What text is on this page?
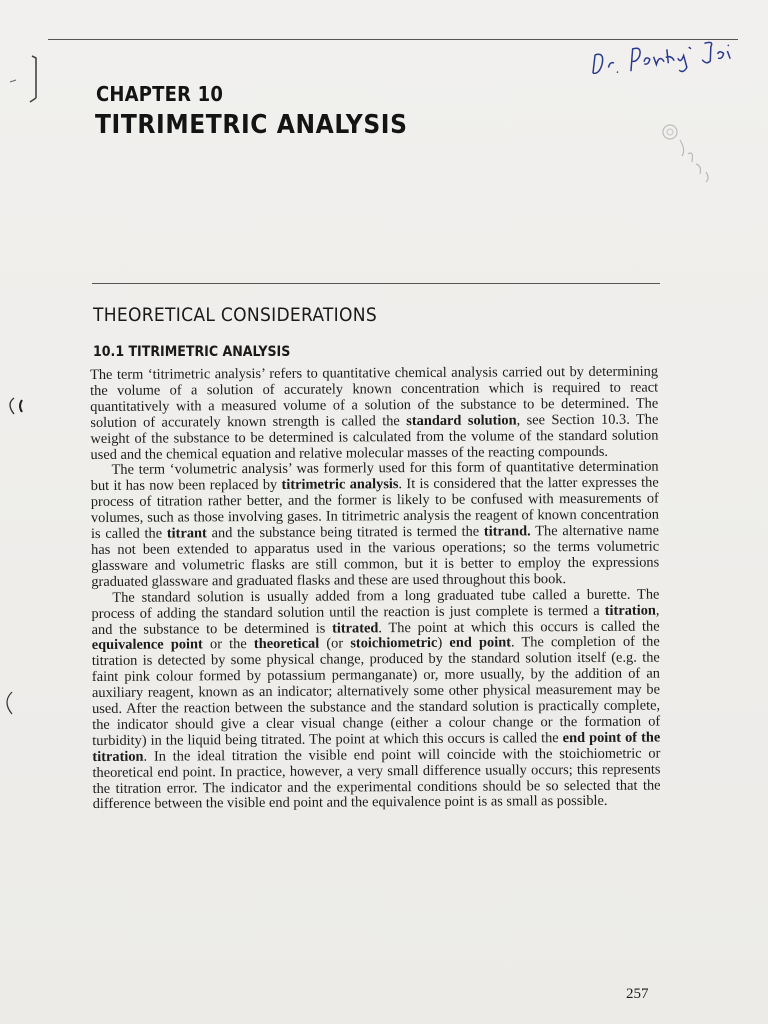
CHAPTER 10
TITRIMETRIC ANALYSIS
THEORETICAL CONSIDERATIONS
10.1 TITRIMETRIC ANALYSIS

The term ‘titrimetric analysis’ refers to quantitative chemical analysis carried out by determining the volume of a solution of accurately known concentration which is required to react quantitatively with a measured volume of a solution of the substance to be determined. The solution of accurately known strength is called the standard solution, see Section 10.3. The weight of the substance to be determined is calculated from the volume of the standard solution used and the chemical equation and relative molecular masses of the reacting compounds.

The term ‘volumetric analysis’ was formerly used for this form of quantitative determination but it has now been replaced by titrimetric analysis. It is considered that the latter expresses the process of titration rather better, and the former is likely to be confused with measurements of volumes, such as those involving gases. In titrimetric analysis the reagent of known concentration is called the titrant and the substance being titrated is termed the titrand. The alternative name has not been extended to apparatus used in the various operations; so the terms volumetric glassware and volumetric flasks are still common, but it is better to employ the expressions graduated glassware and graduated flasks and these are used throughout this book.

The standard solution is usually added from a long graduated tube called a burette. The process of adding the standard solution until the reaction is just complete is termed a titration, and the substance to be determined is titrated. The point at which this occurs is called the equivalence point or the theoretical (or stoichiometric) end point. The completion of the titration is detected by some physical change, produced by the standard solution itself (e.g. the faint pink colour formed by potassium permanganate) or, more usually, by the addition of an auxiliary reagent, known as an indicator; alternatively some other physical measurement may be used. After the reaction between the substance and the standard solution is practically complete, the indicator should give a clear visual change (either a colour change or the formation of turbidity) in the liquid being titrated. The point at which this occurs is called the end point of the titration. In the ideal titration the visible end point will coincide with the stoichiometric or theoretical end point. In practice, however, a very small difference usually occurs; this represents the titration error. The indicator and the experimental conditions should be so selected that the difference between the visible end point and the equivalence point is as small as possible.

257
